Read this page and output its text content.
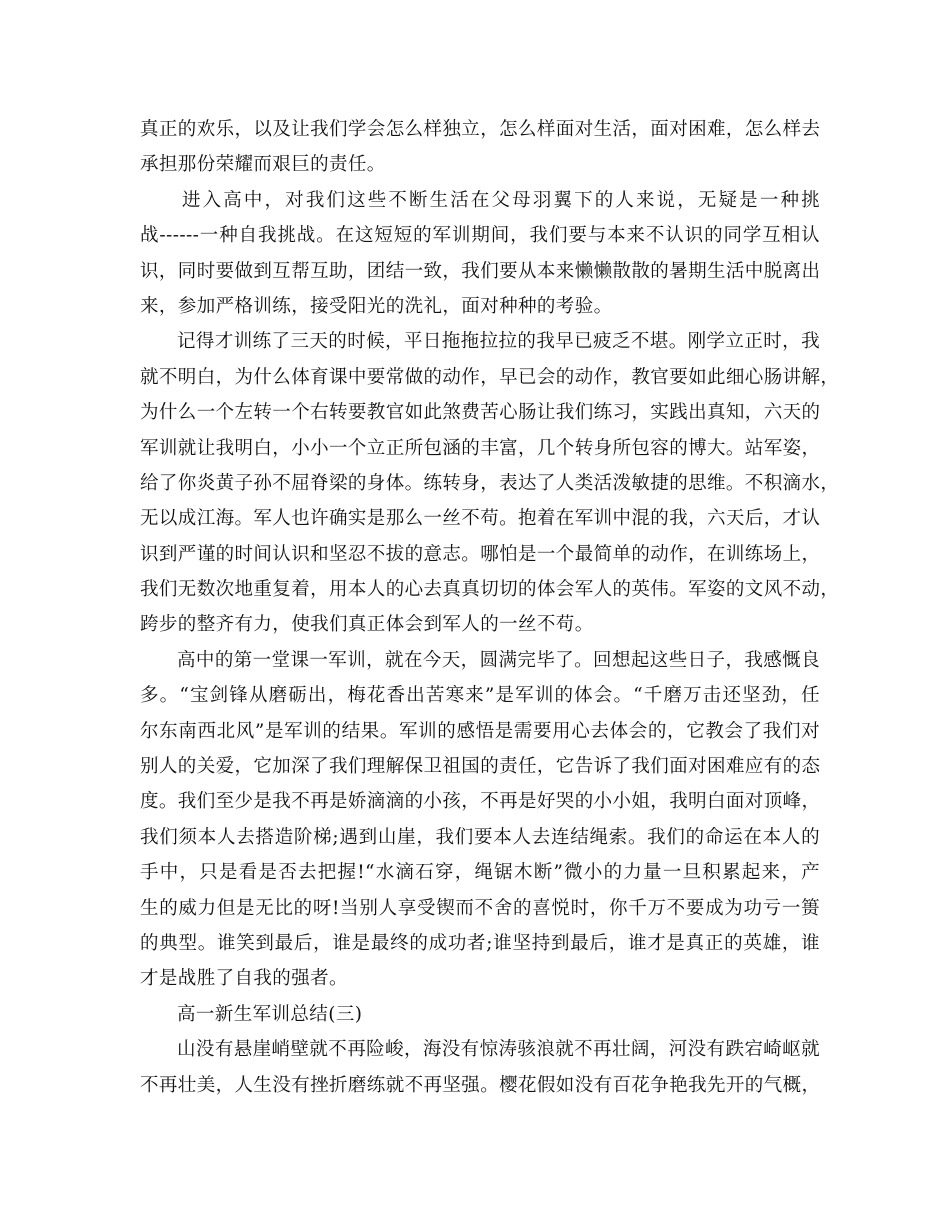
真正的欢乐，以及让我们学会怎么样独立，怎么样面对生活，面对困难，怎么样去
承担那份荣耀而艰巨的责任。
进入高中，对我们这些不断生活在父母羽翼下的人来说，无疑是一种挑
战------一种自我挑战。在这短短的军训期间，我们要与本来不认识的同学互相认
识，同时要做到互帮互助，团结一致，我们要从本来懒懒散散的暑期生活中脱离出
来，参加严格训练，接受阳光的洗礼，面对种种的考验。
记得才训练了三天的时候，平日拖拖拉拉的我早已疲乏不堪。刚学立正时，我
就不明白，为什么体育课中要常做的动作，早已会的动作，教官要如此细心肠讲解，
为什么一个左转一个右转要教官如此煞费苦心肠让我们练习，实践出真知，六天的
军训就让我明白，小小一个立正所包涵的丰富，几个转身所包容的博大。站军姿，
给了你炎黄子孙不屈脊梁的身体。练转身，表达了人类活泼敏捷的思维。不积滴水，
无以成江海。军人也许确实是那么一丝不苟。抱着在军训中混的我，六天后，才认
识到严谨的时间认识和坚忍不拔的意志。哪怕是一个最简单的动作，在训练场上，
我们无数次地重复着，用本人的心去真真切切的体会军人的英伟。军姿的文风不动，
跨步的整齐有力，使我们真正体会到军人的一丝不苟。
高中的第一堂课一军训，就在今天，圆满完毕了。回想起这些日子，我感慨良
多。“宝剑锋从磨砺出，梅花香出苦寒来”是军训的体会。“千磨万击还坚劲，任
尔东南西北风”是军训的结果。军训的感悟是需要用心去体会的，它教会了我们对
别人的关爱，它加深了我们理解保卫祖国的责任，它告诉了我们面对困难应有的态
度。我们至少是我不再是娇滴滴的小孩，不再是好哭的小小姐，我明白面对顶峰，
我们须本人去搭造阶梯;遇到山崖，我们要本人去连结绳索。我们的命运在本人的
手中，只是看是否去把握!“水滴石穿，绳锯木断”微小的力量一旦积累起来，产
生的威力但是无比的呀!当别人享受锲而不舍的喜悦时，你千万不要成为功亏一篑
的典型。谁笑到最后，谁是最终的成功者;谁坚持到最后，谁才是真正的英雄，谁
才是战胜了自我的强者。
高一新生军训总结(三)
山没有悬崖峭壁就不再险峻，海没有惊涛骇浪就不再壮阔，河没有跌宕崎岖就
不再壮美，人生没有挫折磨练就不再坚强。樱花假如没有百花争艳我先开的气概，
